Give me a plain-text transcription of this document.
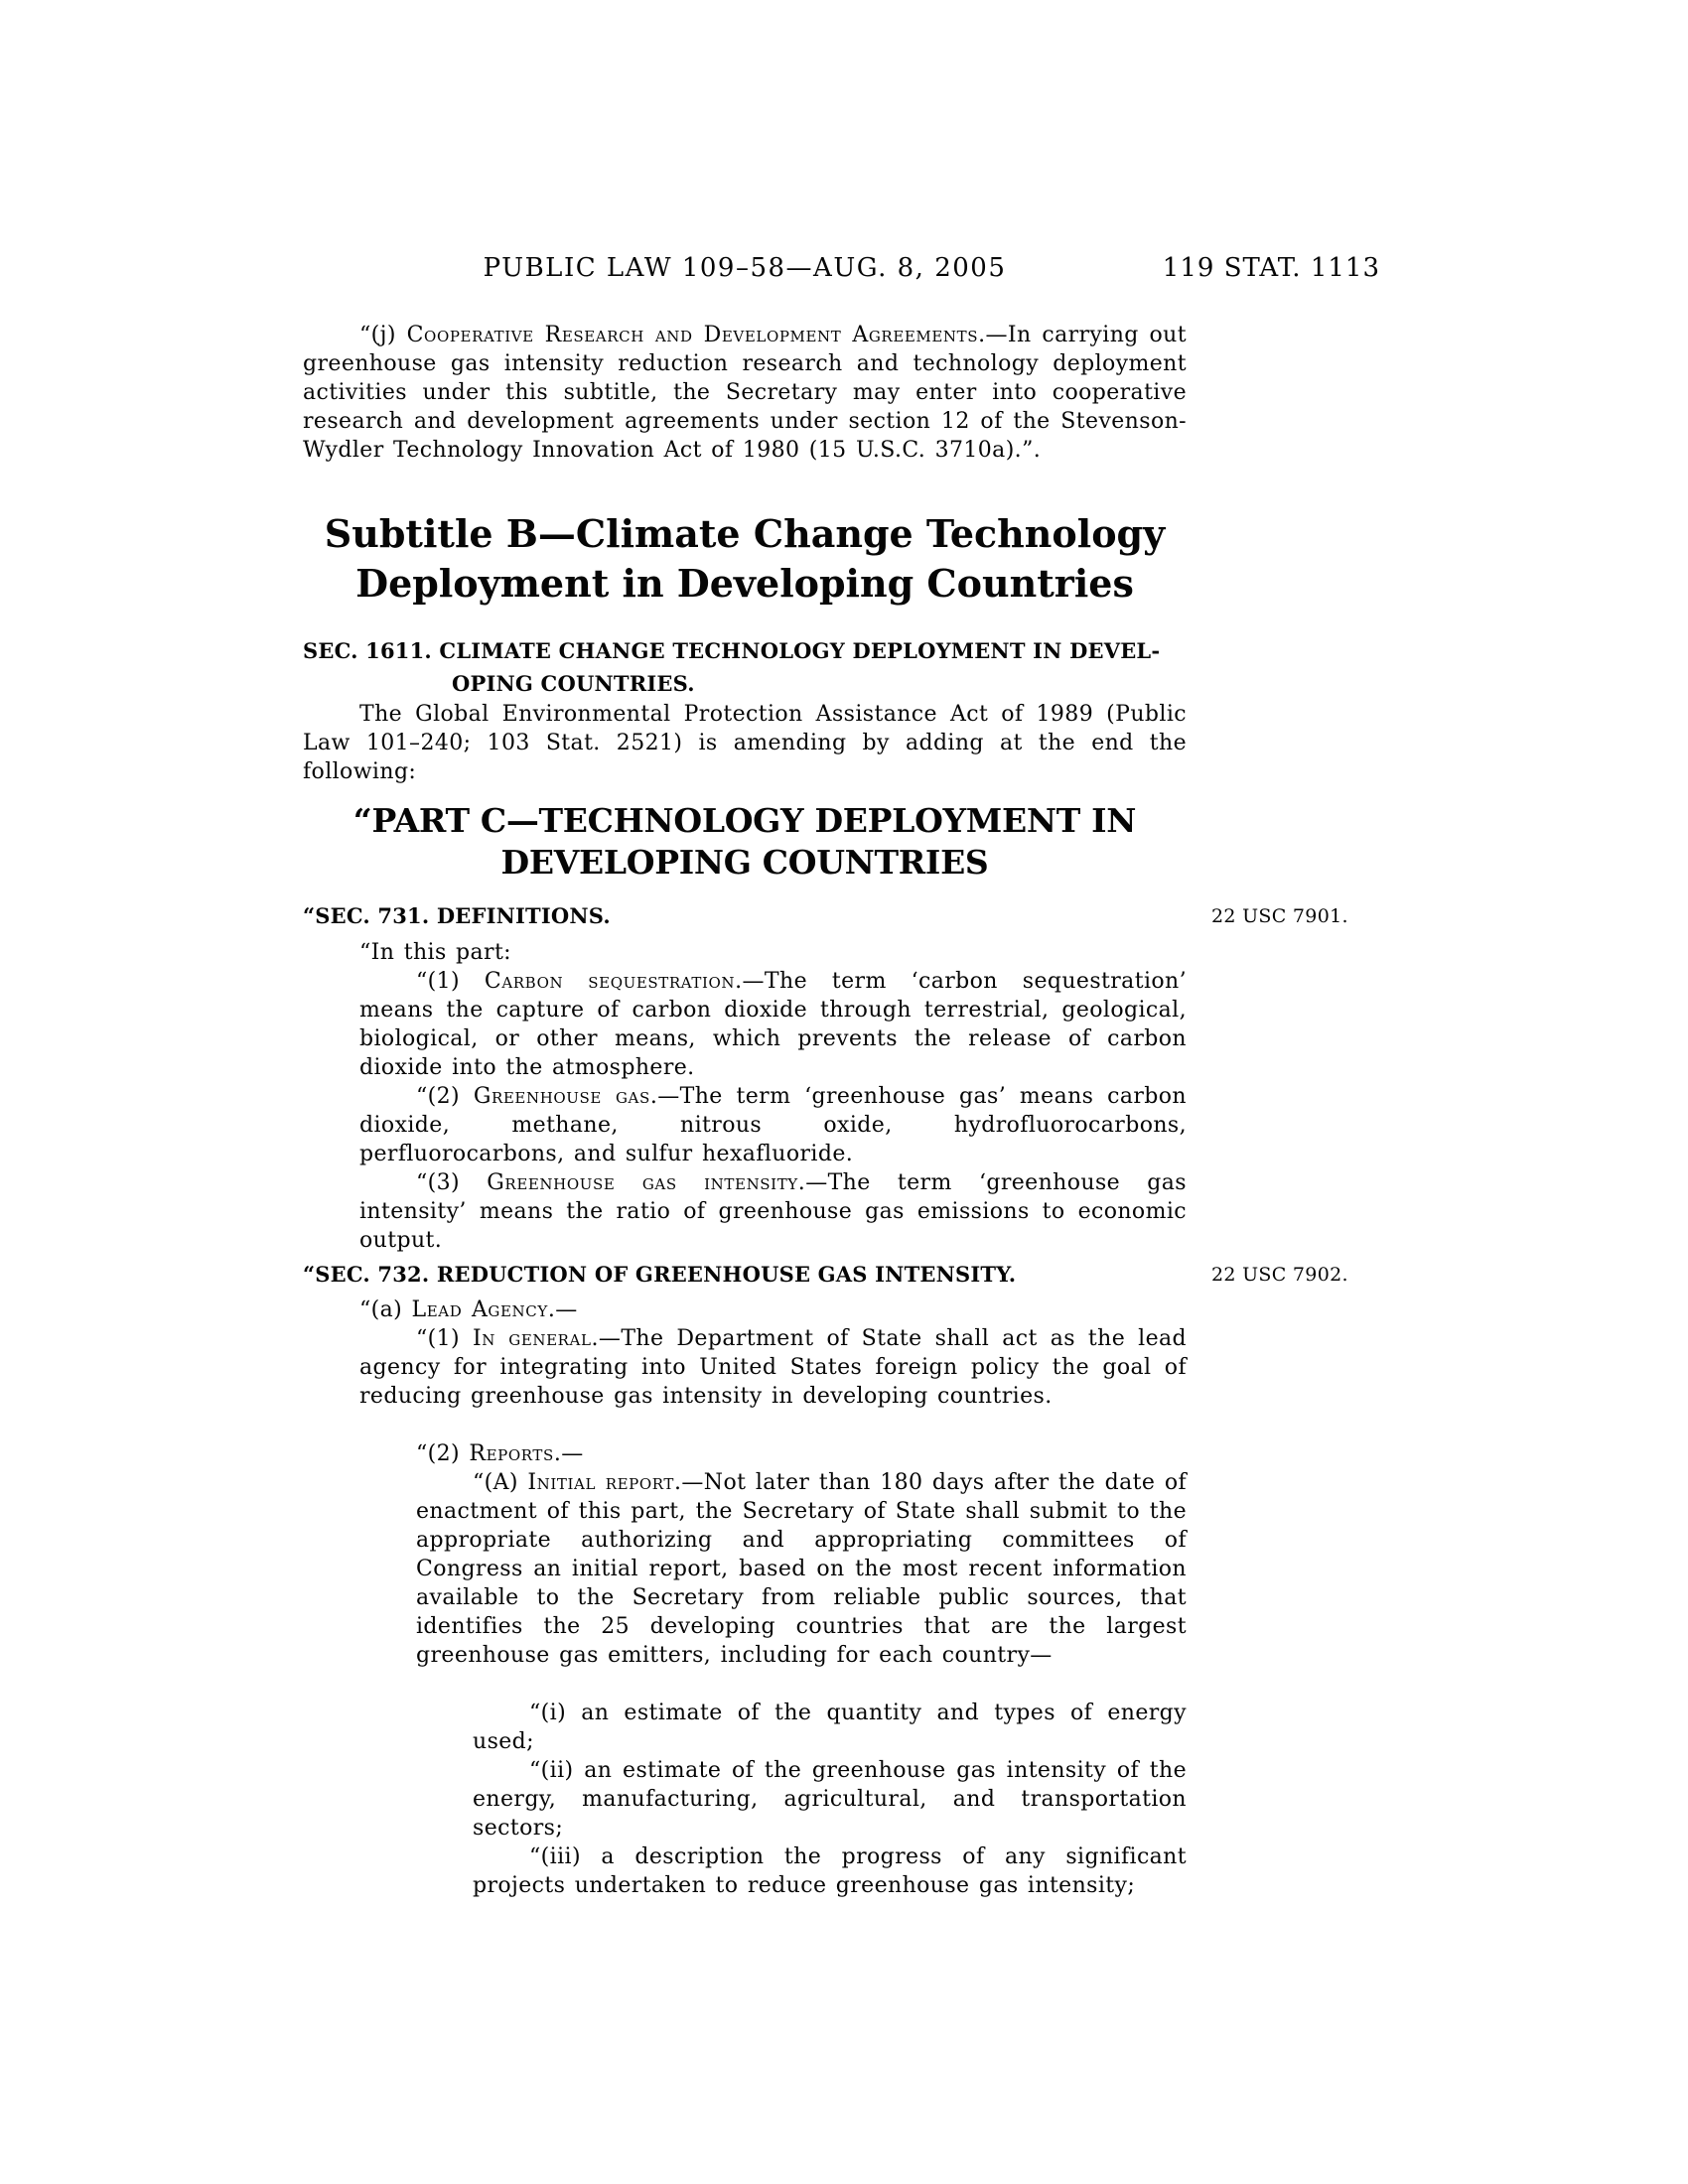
PUBLIC LAW 109–58—AUG. 8, 2005	119 STAT. 1113
“(j) Cooperative Research and Development Agreements.—In carrying out greenhouse gas intensity reduction research and technology deployment activities under this subtitle, the Secretary may enter into cooperative research and development agreements under section 12 of the Stevenson-Wydler Technology Innovation Act of 1980 (15 U.S.C. 3710a).”.
Subtitle B—Climate Change Technology
Deployment in Developing Countries
SEC. 1611. CLIMATE CHANGE TECHNOLOGY DEPLOYMENT IN DEVEL-
OPING COUNTRIES.
The Global Environmental Protection Assistance Act of 1989 (Public Law 101–240; 103 Stat. 2521) is amending by adding at the end the following:
“PART C—TECHNOLOGY DEPLOYMENT IN
DEVELOPING COUNTRIES
“SEC. 731. DEFINITIONS.	22 USC 7901.
“In this part:
“(1) Carbon sequestration.—The term ‘carbon sequestration’ means the capture of carbon dioxide through terrestrial, geological, biological, or other means, which prevents the release of carbon dioxide into the atmosphere.
“(2) Greenhouse gas.—The term ‘greenhouse gas’ means carbon dioxide, methane, nitrous oxide, hydrofluorocarbons, perfluorocarbons, and sulfur hexafluoride.
“(3) Greenhouse gas intensity.—The term ‘greenhouse gas intensity’ means the ratio of greenhouse gas emissions to economic output.
“SEC. 732. REDUCTION OF GREENHOUSE GAS INTENSITY.	22 USC 7902.
“(a) Lead Agency.—
“(1) In general.—The Department of State shall act as the lead agency for integrating into United States foreign policy the goal of reducing greenhouse gas intensity in developing countries.
“(2) Reports.—
“(A) Initial report.—Not later than 180 days after the date of enactment of this part, the Secretary of State shall submit to the appropriate authorizing and appropriating committees of Congress an initial report, based on the most recent information available to the Secretary from reliable public sources, that identifies the 25 developing countries that are the largest greenhouse gas emitters, including for each country—
“(i) an estimate of the quantity and types of energy used;
“(ii) an estimate of the greenhouse gas intensity of the energy, manufacturing, agricultural, and transportation sectors;
“(iii) a description the progress of any significant projects undertaken to reduce greenhouse gas intensity;
